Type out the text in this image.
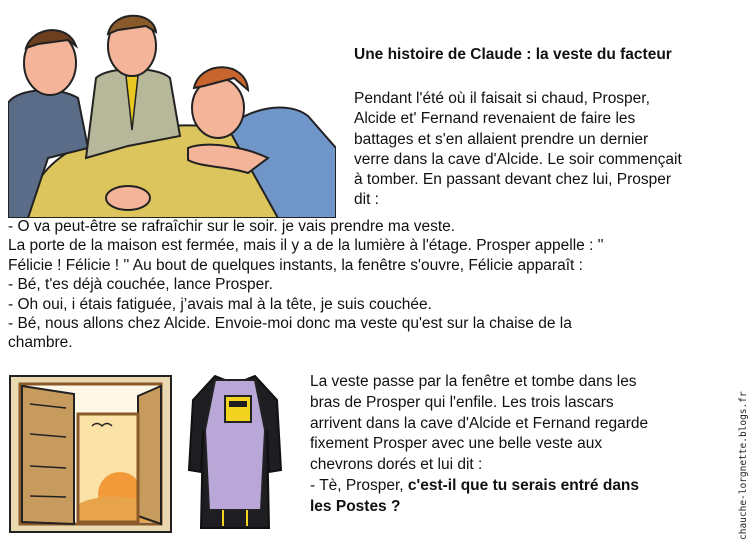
Une histoire de Claude : la veste du facteur
Pendant l'été où il faisait si chaud, Prosper,
Alcide et' Fernand revenaient de faire les
battages et s'en allaient prendre un dernier
verre dans la cave d'Alcide. Le soir commençait
à tomber. En passant devant chez lui, Prosper
dit :
- O va peut-être se rafraîchir sur le soir. je vais prendre ma veste.
La porte de la maison est fermée, mais il y a de la lumière à l'étage. Prosper appelle : ''
Félicie ! Félicie ! '' Au bout de quelques instants, la fenêtre s'ouvre, Félicie apparaît :
- Bé, t'es déjà couchée, lance Prosper.
- Oh oui, i étais fatiguée, j’avais mal à la tête, je suis couchée.
- Bé, nous allons chez Alcide. Envoie-moi donc ma veste qu'est sur la chaise de la
chambre.
La veste passe par la fenêtre et tombe dans les
bras de Prosper qui l'enfile. Les trois lascars
arrivent dans la cave d'Alcide et Fernand regarde
fixement Prosper avec une belle veste aux
chevrons dorés et lui dit :
- Tè, Prosper, c'est-il que tu serais entré dans
les Postes ?	chauche-lorgnette.blogs.fr
